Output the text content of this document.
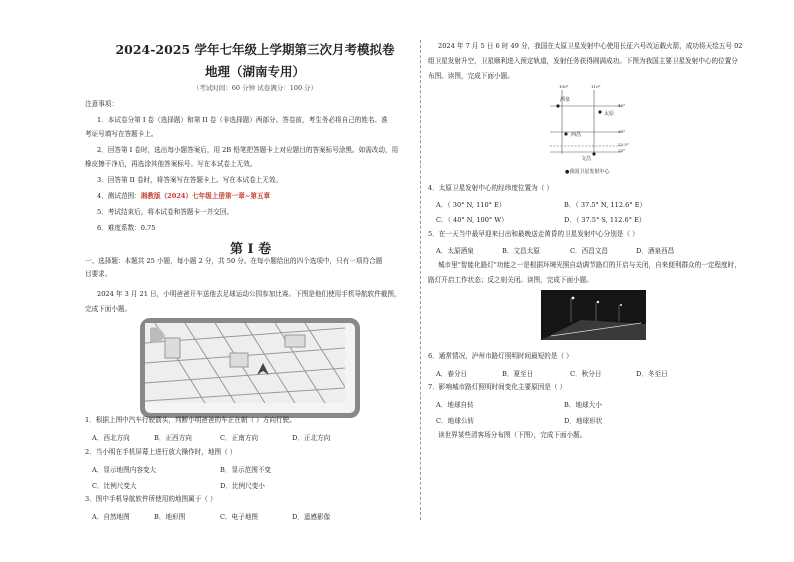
2024-2025 学年七年级上学期第三次月考模拟卷
地理（湖南专用）
（考试时间：60 分钟 试卷满分：100 分）
注意事项：
1．本试卷分第 I 卷（选择题）和第 II 卷（非选择题）两部分。答卷前，考生务必将自己的姓名、准
考证号填写在答题卡上。
2．回答第 I 卷时，选出每小题答案后，用 2B 铅笔把答题卡上对应题目的答案标号涂黑。如需改动，用
橡皮擦干净后，再选涂其他答案标号。写在本试卷上无效。
3．回答第 II 卷时，将答案写在答题卡上。写在本试卷上无效。
4．测试范围：湘教版（2024）七年级上册第一章~第五章
5．考试结束后，将本试卷和答题卡一并交回。
6．难度系数：0.75
第 I 卷
一、选择题：本题共 25 小题，每小题 2 分，共 50 分。在每小题给出的四个选项中，只有一项符合题
目要求。
2024 年 3 月 21 日，小明爸爸开车送他去足球运动公园参加比赛。下图是他们使用手机导航软件截图，
完成下面小题。
1．根据上图中汽车行驶箭头，判断小明爸爸的车正在朝（ ）方向行驶。
A．西北方向	B．正西方向	C．正南方向	D．正北方向
2．当小明在手机屏幕上进行放大操作时，地图（ ）
A．显示地图内容变大	B．显示范围不变
C．比例尺变大	D．比例尺变小
3．图中手机导航软件所使用的地图属于（ ）
A．自然地图	B．地形图	C．电子地图	D．遥感影像
2024 年 7 月 5 日 6 时 49 分，我国在太原卫星发射中心使用长征六号改运载火箭，成功将天绘五号 02
组卫星发射升空，卫星顺利进入预定轨道，发射任务获得圆满成功。下图为我国主要卫星发射中心的位置分
布图。读图，完成下面小题。
100°	110°
40°
30°
23.5°
20°
酒泉
太原
西昌
文昌
●我国卫星发射中心
4．太原卫星发射中心的经纬度位置为（ ）
A．（ 30° N, 110° E）	B．（ 37.5° N, 112.6° E）
C．（ 40° N, 100° W）	D．（ 37.5° S, 112.6° E）
5．在一天当中最早迎来日出和最晚送走黄昏的卫星发射中心分别是（ ）
A．太原酒泉	B．文昌太原	C．西昌文昌	D．酒泉西昌
城市里"智能化路灯"功能之一是根据环境光照自动调节路灯的开启与关闭，自来便利群众的一定程度时，
路灯开启工作状态；反之则关闭。读图，完成下面小题。
6．通常情况，泸州市路灯照明时间最短的是（ ）
A．春分日	B．夏至日	C．秋分日	D．冬至日
7．影响城市路灯照明时间变化主要原因是（ ）
A．地球自转	B．地球大小
C．地球公转	D．地球形状
读世界某些清客场分布图（下图），完成下面小题。
